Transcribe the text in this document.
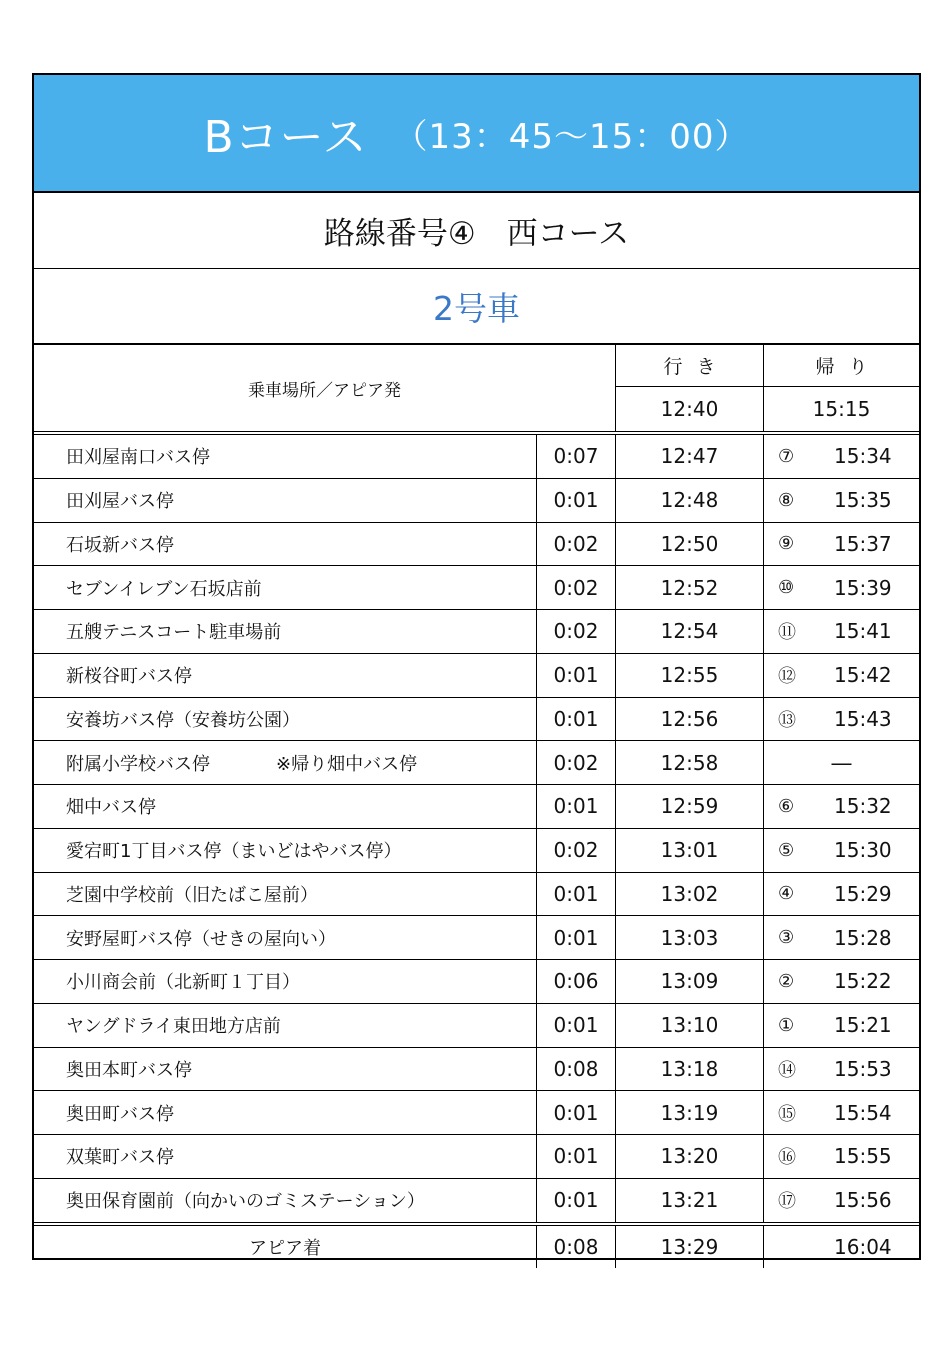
Bコース （13：45〜15：00）
路線番号④　西コース
2号車
乗車場所／アピア発
行き	帰り
12:40	15:15
田刈屋南口バス停	0:07	12:47	⑦ 15:34
田刈屋バス停	0:01	12:48	⑧ 15:35
石坂新バス停	0:02	12:50	⑨ 15:37
セブンイレブン石坂店前	0:02	12:52	⑩ 15:39
五艘テニスコート駐車場前	0:02	12:54	⑪ 15:41
新桜谷町バス停	0:01	12:55	⑫ 15:42
安養坊バス停（安養坊公園）	0:01	12:56	⑬ 15:43
附属小学校バス停	※帰り畑中バス停	0:02	12:58	―
畑中バス停	0:01	12:59	⑥ 15:32
愛宕町1丁目バス停（まいどはやバス停）	0:02	13:01	⑤ 15:30
芝園中学校前（旧たばこ屋前）	0:01	13:02	④ 15:29
安野屋町バス停（せきの屋向い）	0:01	13:03	③ 15:28
小川商会前（北新町１丁目）	0:06	13:09	② 15:22
ヤングドライ東田地方店前	0:01	13:10	① 15:21
奥田本町バス停	0:08	13:18	⑭ 15:53
奥田町バス停	0:01	13:19	⑮ 15:54
双葉町バス停	0:01	13:20	⑯ 15:55
奥田保育園前（向かいのゴミステーション）	0:01	13:21	⑰ 15:56
アピア着	0:08	13:29	16:04
